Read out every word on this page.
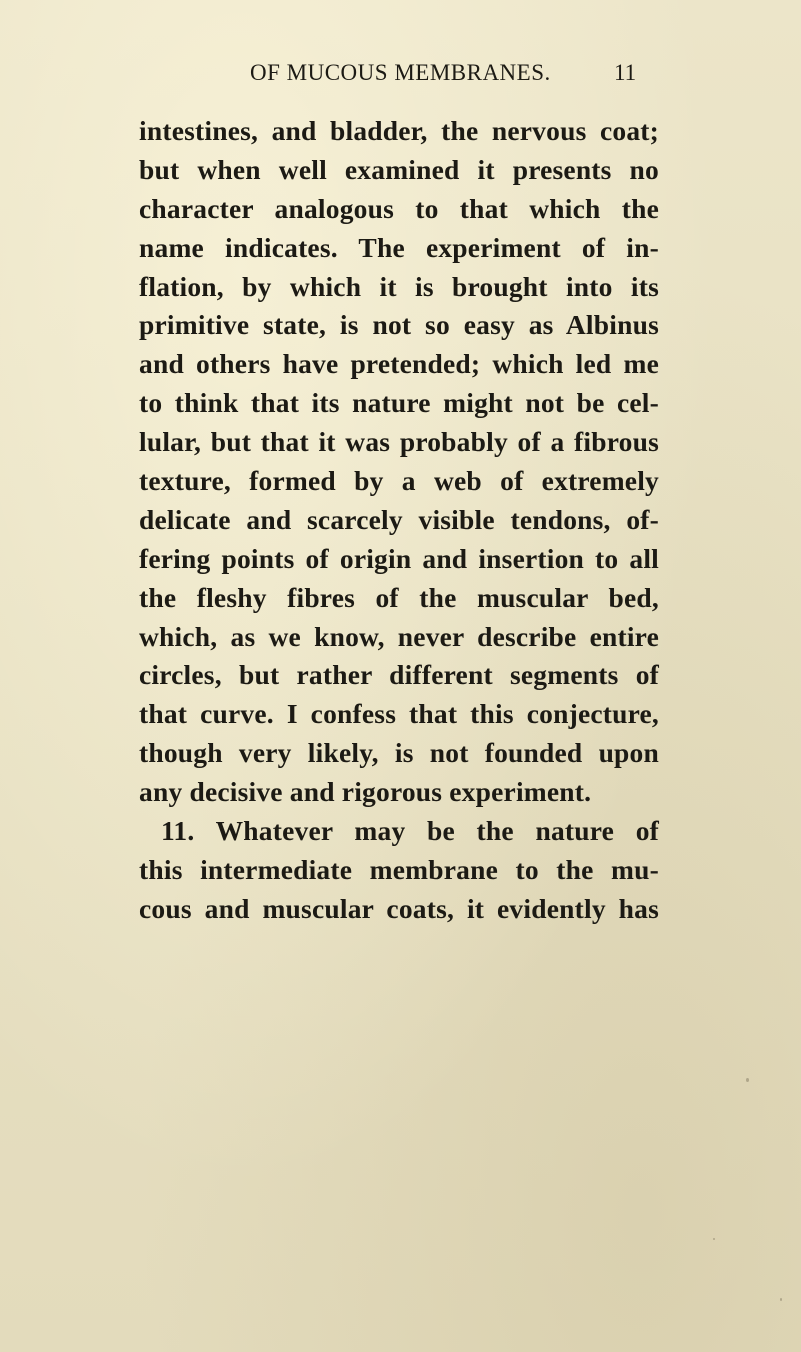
OF MUCOUS MEMBRANES.	11
intestines, and bladder, the nervous coat;
but when well examined it presents no
character analogous to that which the
name indicates. The experiment of in-
flation, by which it is brought into its
primitive state, is not so easy as Albinus
and others have pretended; which led me
to think that its nature might not be cel-
lular, but that it was probably of a fibrous
texture, formed by a web of extremely
delicate and scarcely visible tendons, of-
fering points of origin and insertion to all
the fleshy fibres of the muscular bed,
which, as we know, never describe entire
circles, but rather different segments of
that curve. I confess that this conjecture,
though very likely, is not founded upon
any decisive and rigorous experiment.
11. Whatever may be the nature of
this intermediate membrane to the mu-
cous and muscular coats, it evidently has
